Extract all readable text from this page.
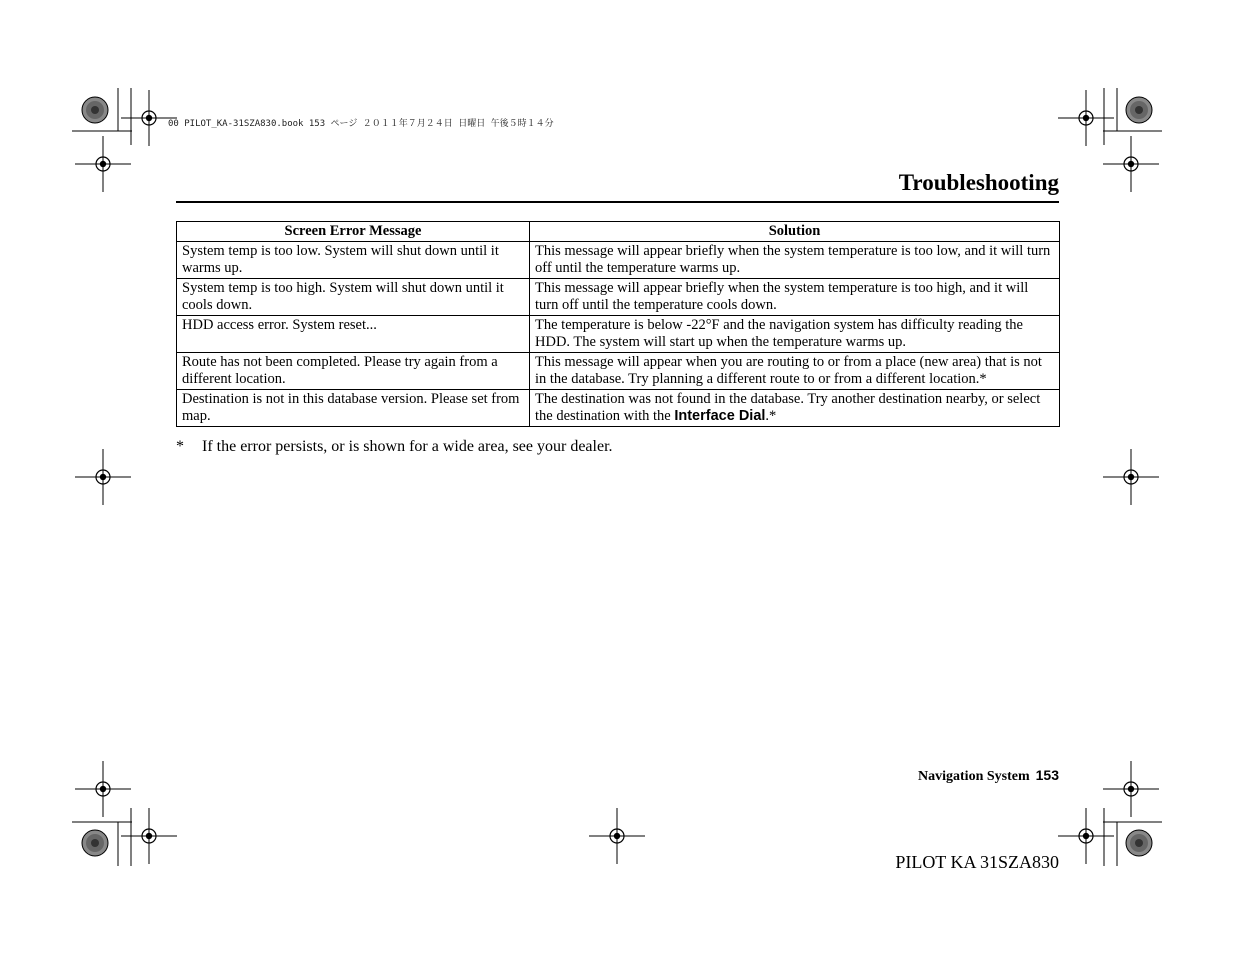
00 PILOT_KA-31SZA830.book 153 ページ ２０１１年７月２４日 日曜日 午後５時１４分
Troubleshooting
Screen Error Message	Solution
System temp is too low. System will shut down until it warms up.	This message will appear briefly when the system temperature is too low, and it will turn off until the temperature warms up.
System temp is too high. System will shut down until it cools down.	This message will appear briefly when the system temperature is too high, and it will turn off until the temperature cools down.
HDD access error. System reset...	The temperature is below -22°F and the navigation system has difficulty reading the HDD. The system will start up when the temperature warms up.
Route has not been completed. Please try again from a different location.	This message will appear when you are routing to or from a place (new area) that is not in the database. Try planning a different route to or from a different location.*
Destination is not in this database version. Please set from map.	The destination was not found in the database. Try another destination nearby, or select the destination with the Interface Dial.*
* If the error persists, or is shown for a wide area, see your dealer.
Navigation System 153
PILOT KA 31SZA830
